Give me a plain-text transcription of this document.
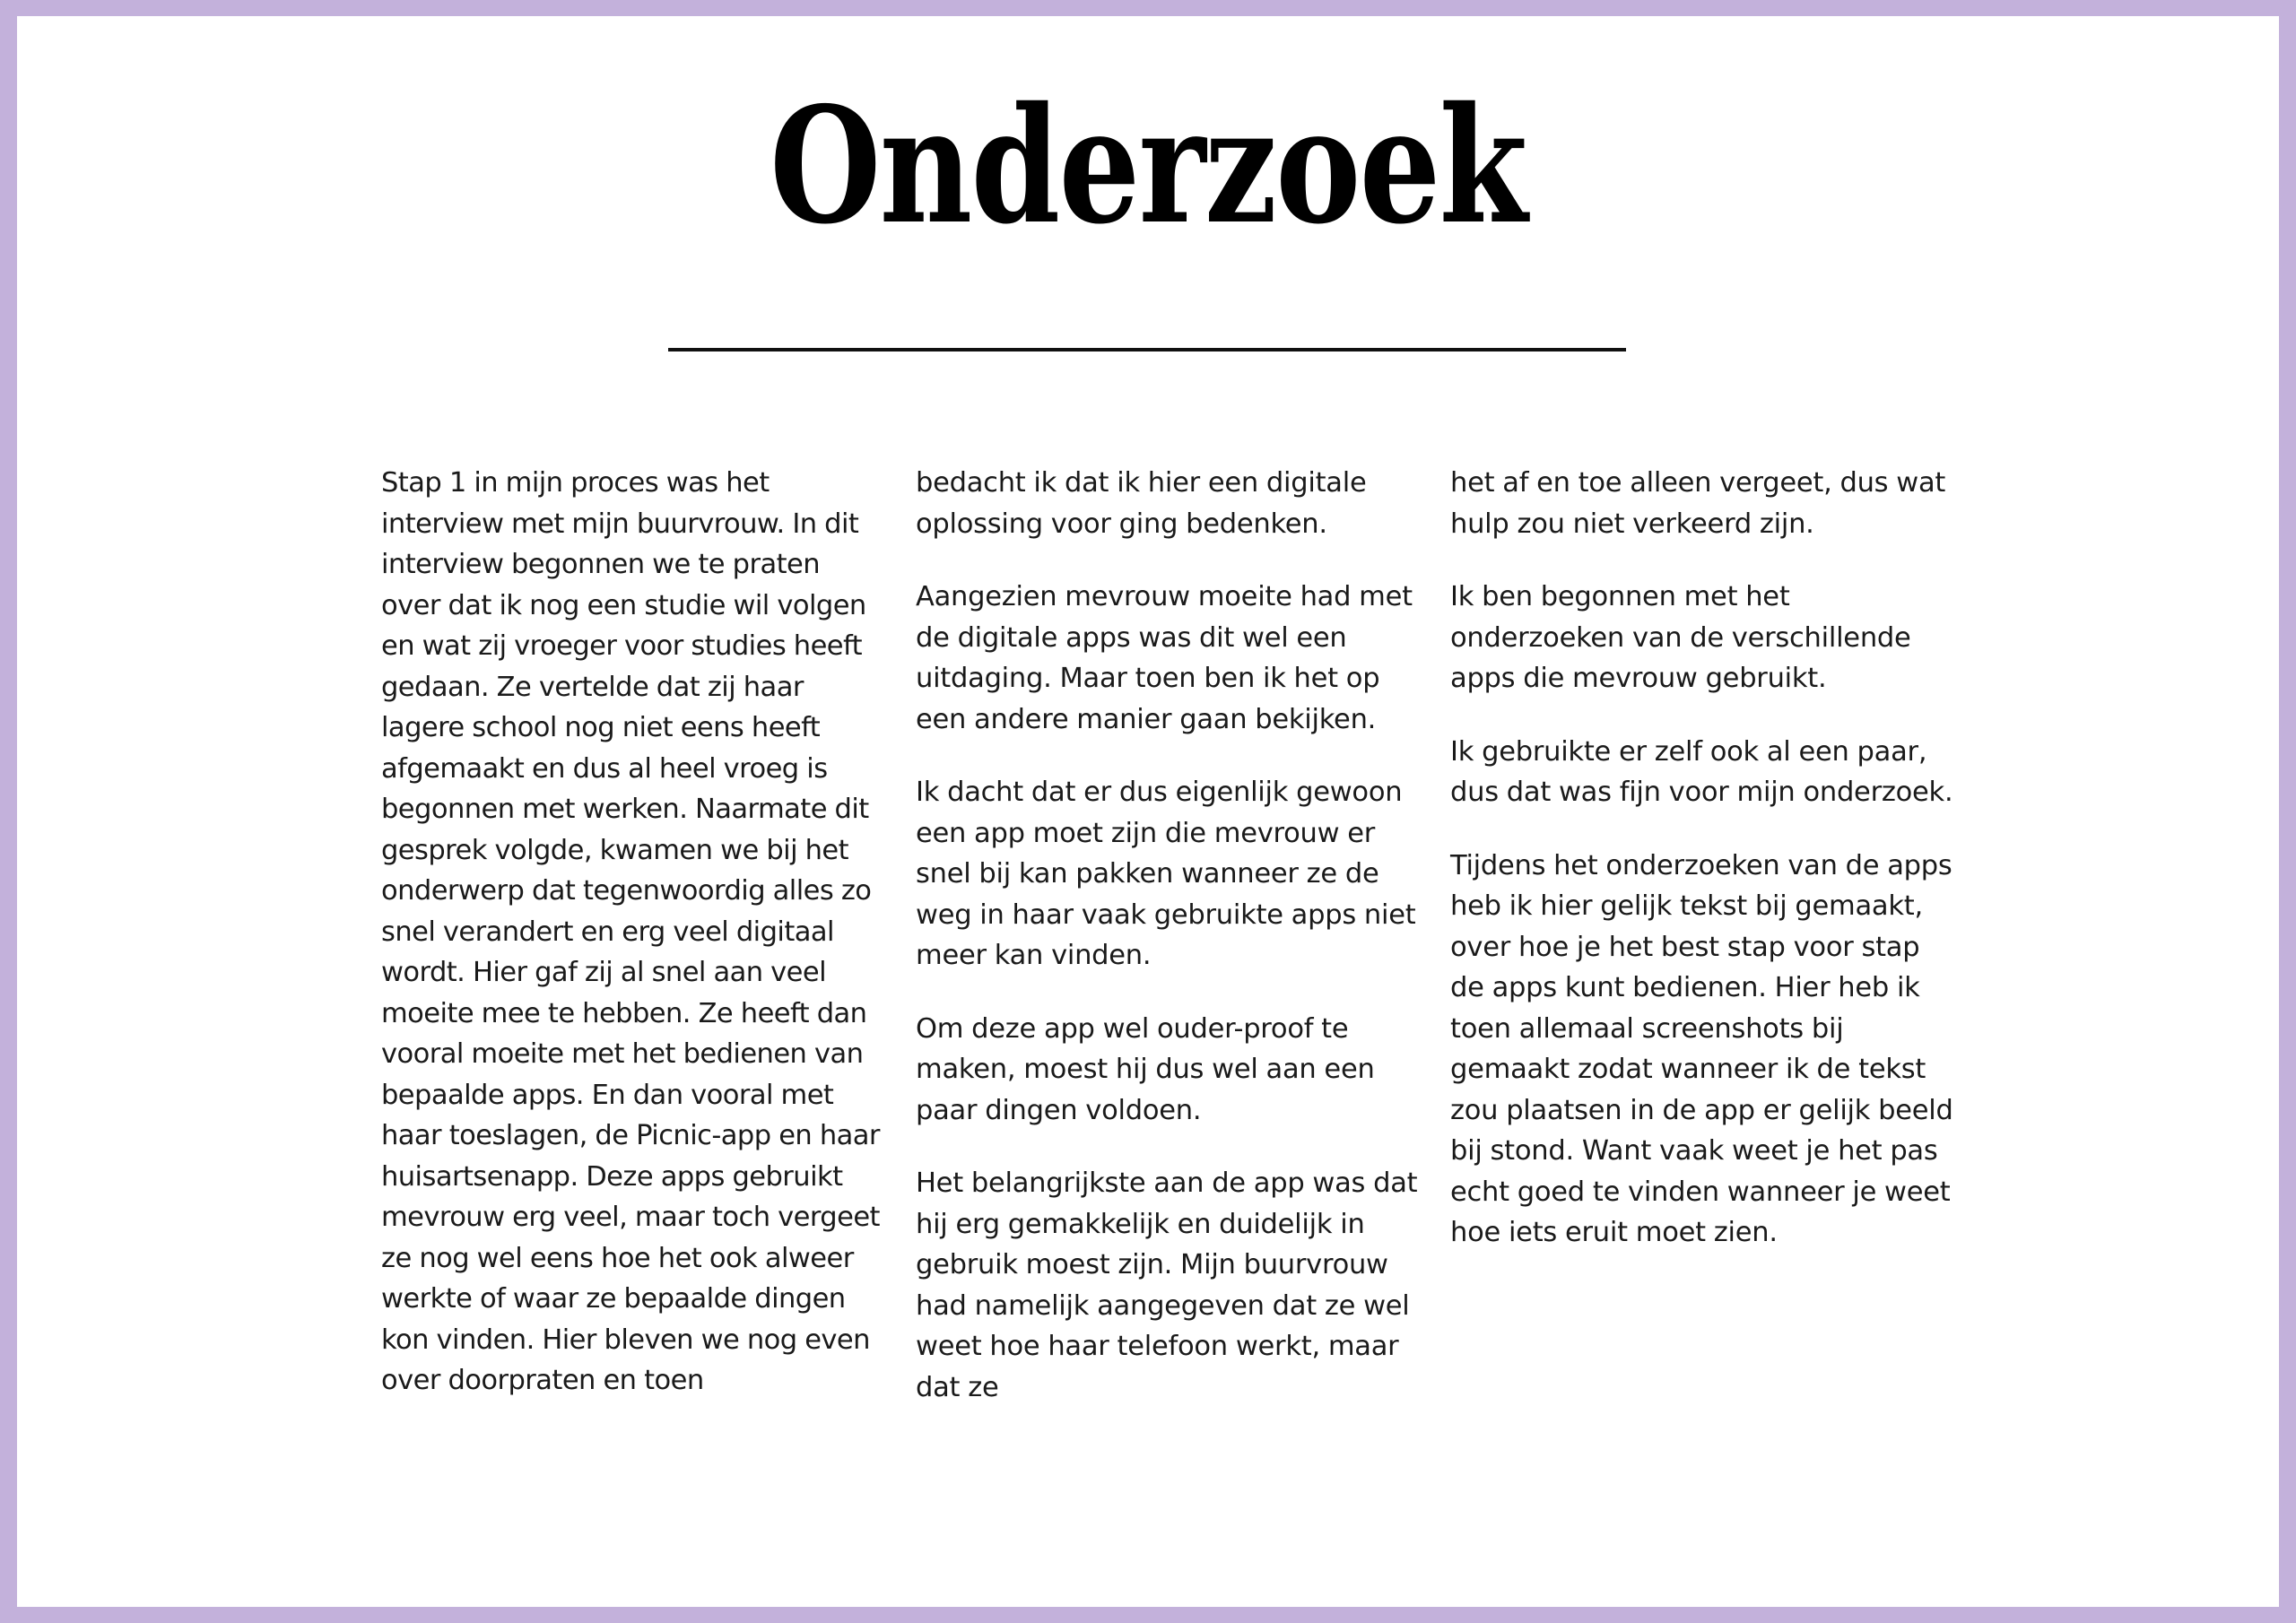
Onderzoek

Stap 1 in mijn proces was het interview met mijn buurvrouw. In dit interview begonnen we te praten over dat ik nog een studie wil volgen en wat zij vroeger voor studies heeft gedaan. Ze vertelde dat zij haar lagere school nog niet eens heeft afgemaakt en dus al heel vroeg is begonnen met werken. Naarmate dit gesprek volgde, kwamen we bij het onderwerp dat tegenwoordig alles zo snel verandert en erg veel digitaal wordt. Hier gaf zij al snel aan veel moeite mee te hebben. Ze heeft dan vooral moeite met het bedienen van bepaalde apps. En dan vooral met haar toeslagen, de Picnic-app en haar huisartsenapp. Deze apps gebruikt mevrouw erg veel, maar toch vergeet ze nog wel eens hoe het ook alweer werkte of waar ze bepaalde dingen kon vinden. Hier bleven we nog even over doorpraten en toen

bedacht ik dat ik hier een digitale oplossing voor ging bedenken.

Aangezien mevrouw moeite had met de digitale apps was dit wel een uitdaging. Maar toen ben ik het op een andere manier gaan bekijken.

Ik dacht dat er dus eigenlijk gewoon een app moet zijn die mevrouw er snel bij kan pakken wanneer ze de weg in haar vaak gebruikte apps niet meer kan vinden.

Om deze app wel ouder-proof te maken, moest hij dus wel aan een paar dingen voldoen.

Het belangrijkste aan de app was dat hij erg gemakkelijk en duidelijk in gebruik moest zijn. Mijn buurvrouw had namelijk aangegeven dat ze wel weet hoe haar telefoon werkt, maar dat ze

het af en toe alleen vergeet, dus wat hulp zou niet verkeerd zijn.

Ik ben begonnen met het onderzoeken van de verschillende apps die mevrouw gebruikt.

Ik gebruikte er zelf ook al een paar, dus dat was fijn voor mijn onderzoek.

Tijdens het onderzoeken van de apps heb ik hier gelijk tekst bij gemaakt, over hoe je het best stap voor stap de apps kunt bedienen. Hier heb ik toen allemaal screenshots bij gemaakt zodat wanneer ik de tekst zou plaatsen in de app er gelijk beeld bij stond. Want vaak weet je het pas echt goed te vinden wanneer je weet hoe iets eruit moet zien.
